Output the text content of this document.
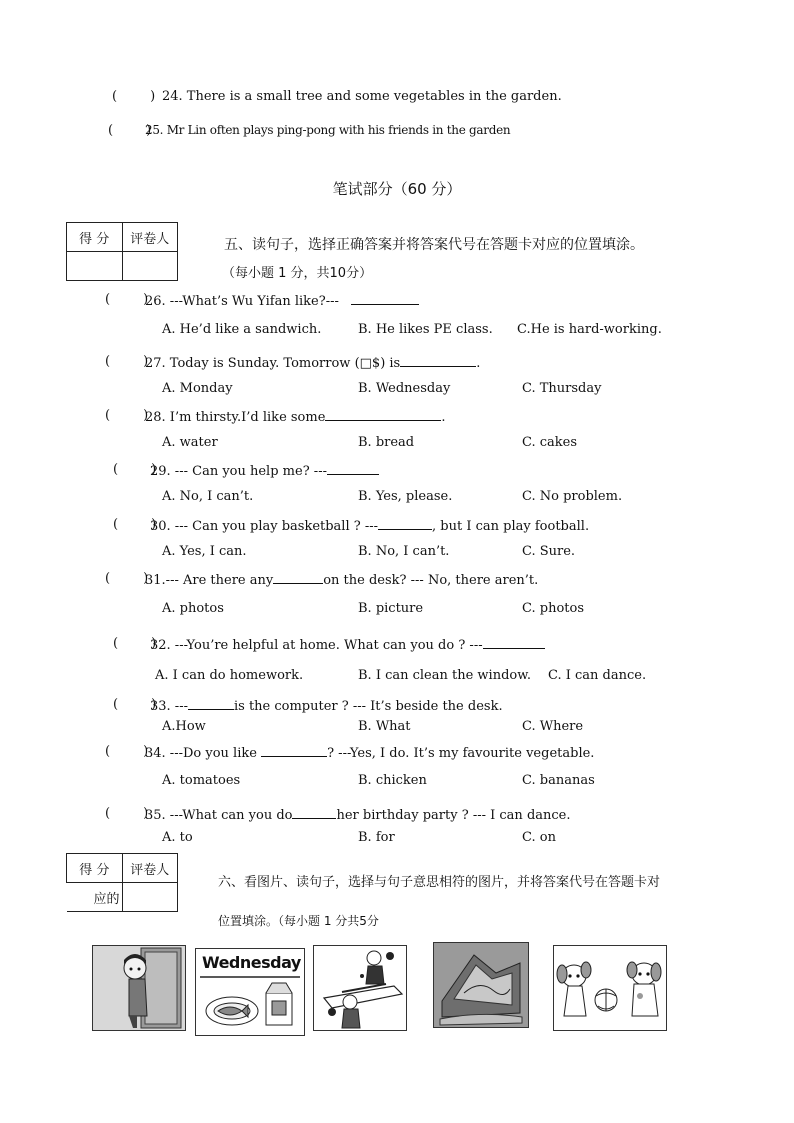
(        ) 24. There is a small tree and some vegetables in the garden.
(        )
25. Mr Lin often plays ping-pong with his friends in the garden
笔试部分（60 分）
得 分	评卷人
		五、读句子，选择正确答案并将答案代号在答题卡对应的位置填涂。
（每小题 1 分，共10分）
(        )
26. ---What’s Wu Yifan like?---
A. He’d like a sandwich.	B. He likes PE class. C.He is hard-working.
(        )
27. Today is Sunday. Tomorrow (□$) is	.
A. Monday	B. Wednesday	C. Thursday
(        )
28. I’m thirsty.I’d like some	.
A. water	B. bread	C. cakes
(        )
29. --- Can you help me? ---
A. No, I can’t.	B. Yes, please.	C. No problem.
(        )
30. --- Can you play basketball ? ---	, but I can play football.
A. Yes, I can.	B. No, I can’t.	C. Sure.
(        )
31.--- Are there any	on the desk? --- No, there aren’t.
A. photos	B. picture	C. photos
(        )
32. ---You’re helpful at home. What can you do ? ---
A. I can do homework.	B. I can clean the window. C. I can dance.
(        )
33. ---	is the computer ? --- It’s beside the desk.
A.How	B. What	C. Where
(        )
34. ---Do you like	? ---Yes, I do. It’s my favourite vegetable.
A. tomatoes	B. chicken	C. bananas
(        )
35. ---What can you do	her birthday party ? --- I can dance.
A. to	B. for	C. on
得 分	评卷人
应的	
六、看图片、读句子，选择与句子意思相符的图片，并将答案代号在答题卡对
位置填涂。（每小题 1 分共5分
Wednesday
